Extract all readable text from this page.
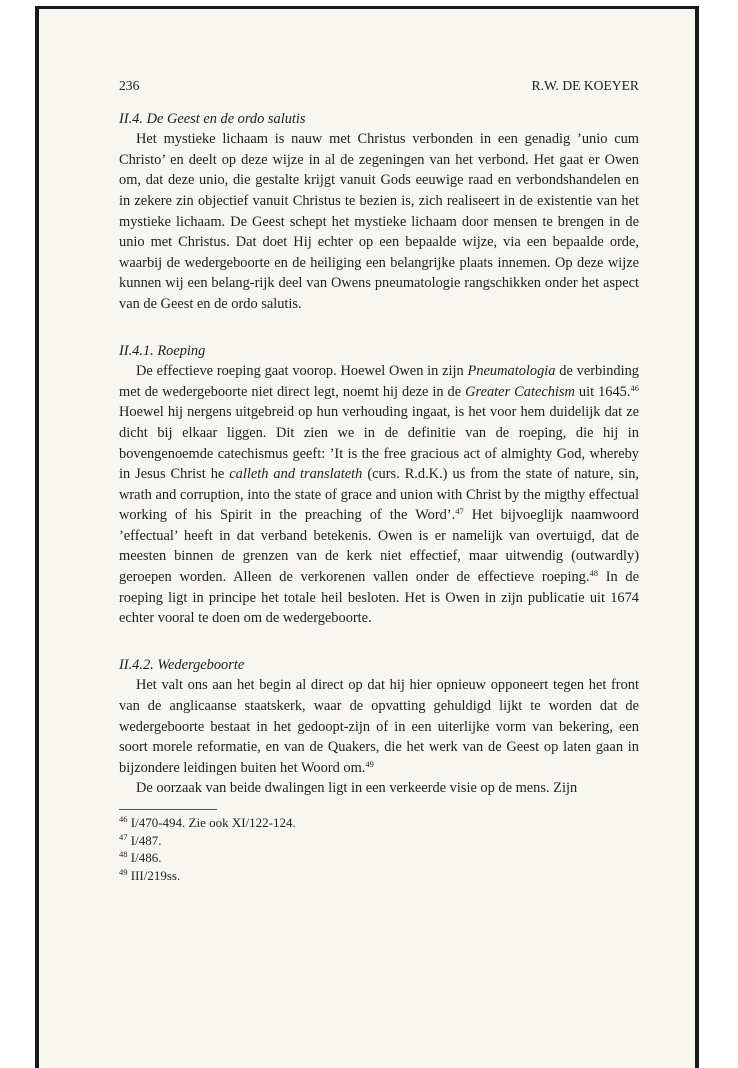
236	R.W. DE KOEYER
II.4. De Geest en de ordo salutis

Het mystieke lichaam is nauw met Christus verbonden in een genadig ’unio cum Christo’ en deelt op deze wijze in al de zegeningen van het verbond. Het gaat er Owen om, dat deze unio, die gestalte krijgt vanuit Gods eeuwige raad en verbondshandelen en in zekere zin objectief vanuit Christus te bezien is, zich realiseert in de existentie van het mystieke lichaam. De Geest schept het mystieke lichaam door mensen te brengen in de unio met Christus. Dat doet Hij echter op een bepaalde wijze, via een bepaalde orde, waarbij de wedergeboorte en de heiliging een belangrijke plaats innemen. Op deze wijze kunnen wij een belang-rijk deel van Owens pneumatologie rangschikken onder het aspect van de Geest en de ordo salutis.

II.4.1. Roeping

De effectieve roeping gaat voorop. Hoewel Owen in zijn Pneumatologia de verbinding met de wedergeboorte niet direct legt, noemt hij deze in de Greater Catechism uit 1645.46 Hoewel hij nergens uitgebreid op hun verhouding ingaat, is het voor hem duidelijk dat ze dicht bij elkaar liggen. Dit zien we in de definitie van de roeping, die hij in bovengenoemde catechismus geeft: ’It is the free gracious act of almighty God, whereby in Jesus Christ he calleth and translateth (curs. R.d.K.) us from the state of nature, sin, wrath and corruption, into the state of grace and union with Christ by the migthy effectual working of his Spirit in the preaching of the Word’.$^{47}$ Het bijvoeglijk naamwoord ’effectual’ heeft in dat verband betekenis. Owen is er namelijk van overtuigd, dat de meesten binnen de grenzen van de kerk niet effectief, maar uitwendig (outwardly) geroepen worden. Alleen de verkorenen vallen onder de effectieve roeping.$^{48}$ In de roeping ligt in principe het totale heil besloten. Het is Owen in zijn publicatie uit 1674 echter vooral te doen om de wedergeboorte.

II.4.2. Wedergeboorte

Het valt ons aan het begin al direct op dat hij hier opnieuw opponeert tegen het front van de anglicaanse staatskerk, waar de opvatting gehuldigd lijkt te worden dat de wedergeboorte bestaat in het gedoopt-zijn of in een uiterlijke vorm van bekering, een soort morele reformatie, en van de Quakers, die het werk van de Geest op laten gaan in bijzondere leidingen buiten het Woord om.$^{49}$

De oorzaak van beide dwalingen ligt in een verkeerde visie op de mens. Zijn

$^{46}$ I/470-494. Zie ook XI/122-124.
$^{47}$ I/487.
$^{48}$ I/486.
$^{49}$ III/219ss.
